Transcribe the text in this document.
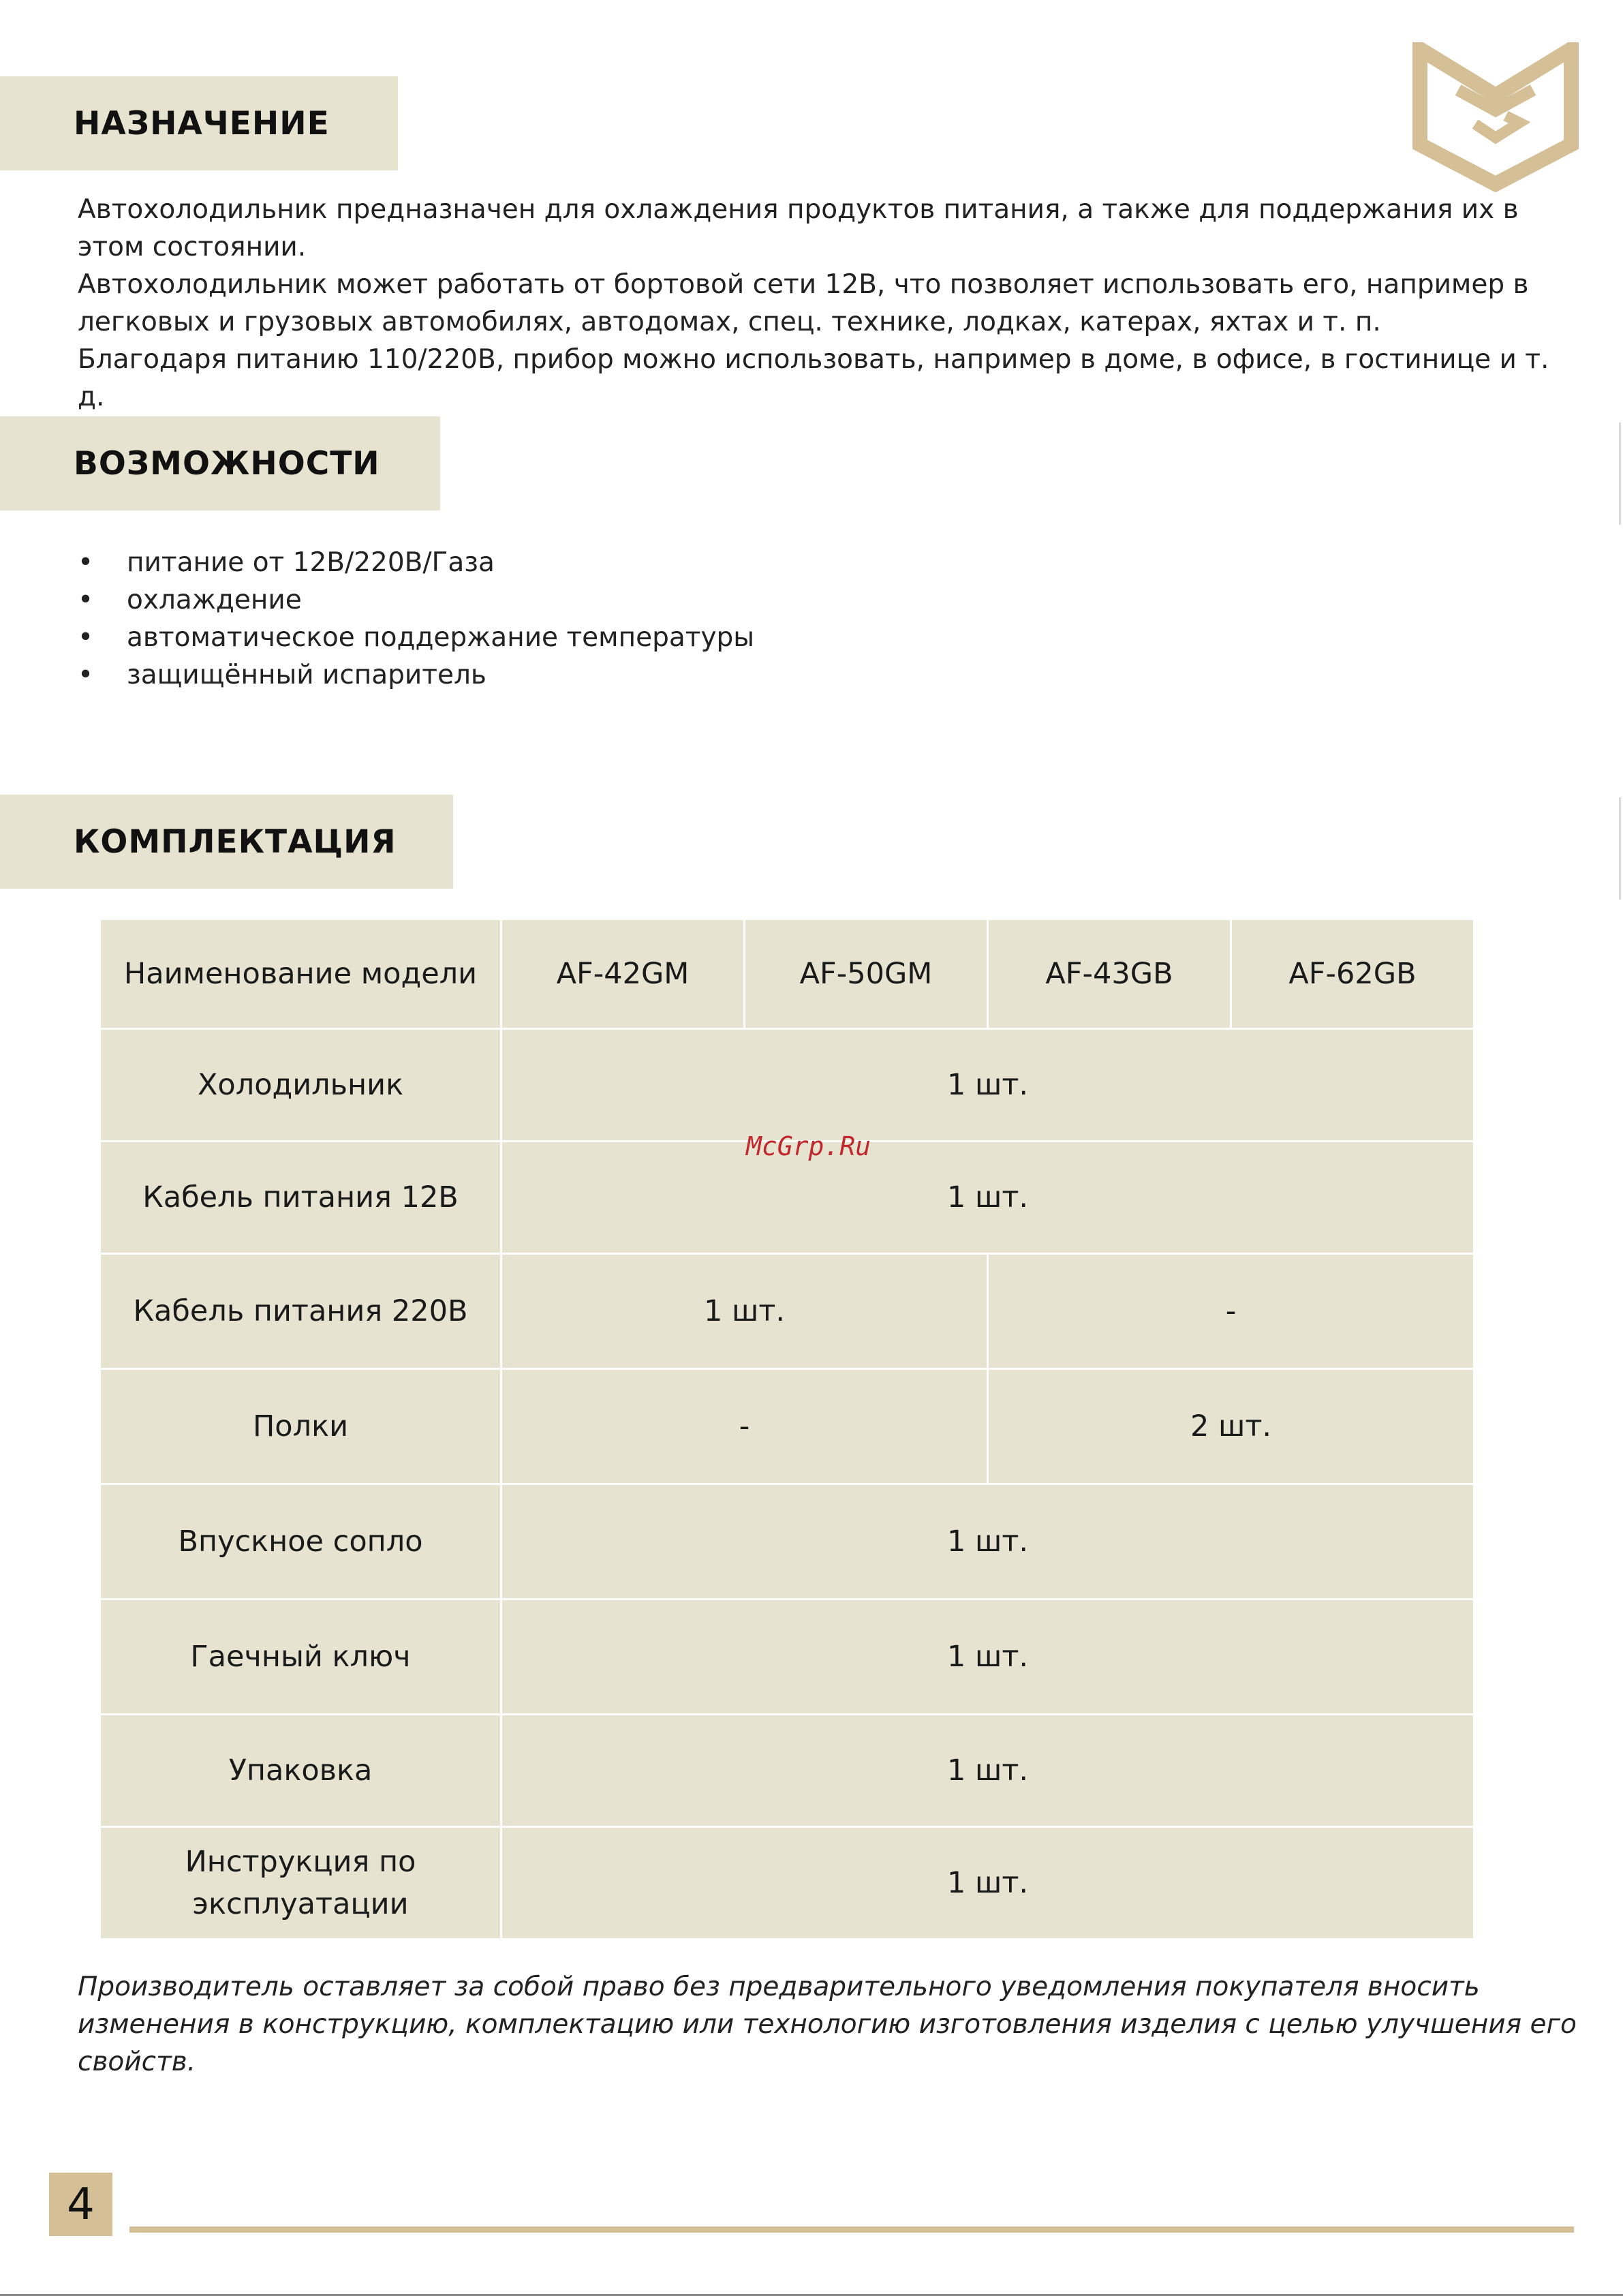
НАЗНАЧЕНИЕ

Автохолодильник предназначен для охлаждения продуктов питания, а также для поддержания их в этом состоянии.

Автохолодильник может работать от бортовой сети 12В, что позволяет использовать его, например в легковых и грузовых автомобилях, автодомах, спец. технике, лодках, катерах, яхтах и т. п.

Благодаря питанию 110/220В, прибор можно использовать, например в доме, в офисе, в гостинице и т. д.

ВОЗМОЖНОСТИ
• питание от 12В/220В/Газа
• охлаждение
• автоматическое поддержание температуры
• защищённый испаритель
КОМПЛЕКТАЦИЯ
Наименование модели	AF-42GM	AF-50GM	AF-43GB	AF-62GB
Холодильник	1 шт.			
Кабель питания 12В	1 шт.			
Кабель питания 220В	1 шт.		-	
Полки	-		2 шт.	
Впускное сопло	1 шт.			
Гаечный ключ	1 шт.			
Упаковка	1 шт.			
Инструкция по эксплуатации	1 шт.			
McGrp.Ru
Производитель оставляет за собой право без предварительного уведомления покупателя вносить изменения в конструкцию, комплектацию или технологию изготовления изделия с целью улучшения его свойств.
4
